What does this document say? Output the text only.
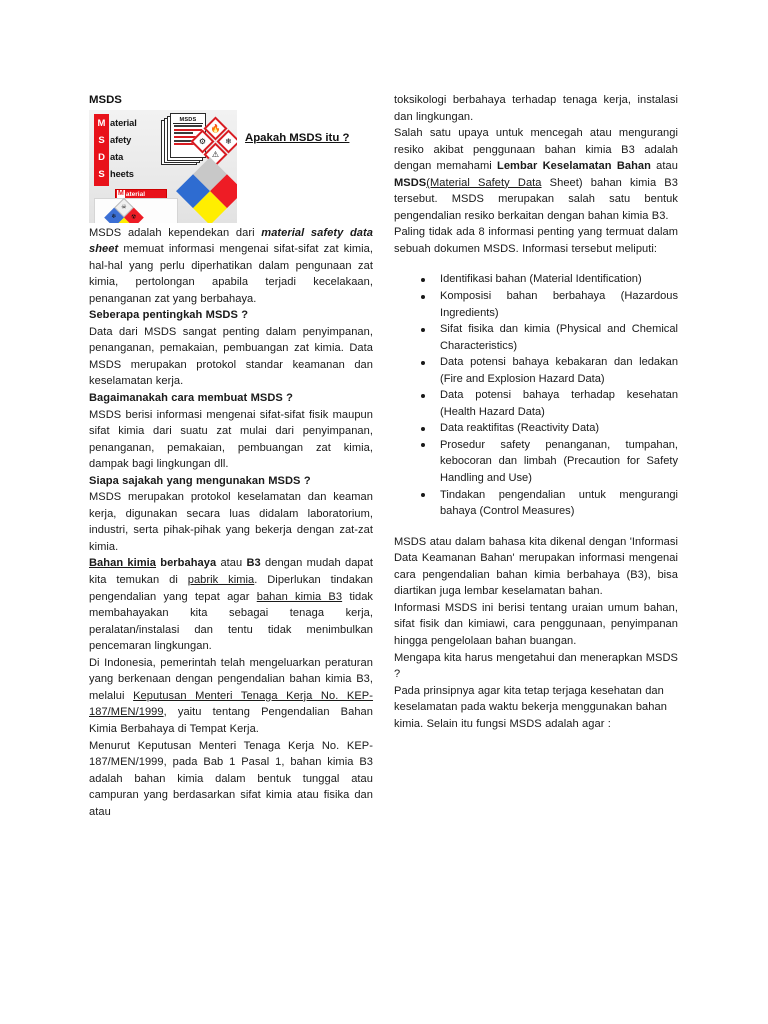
MSDS
M
S
D
S
aterial
afety
ata
heets
MSDS
🔥
⚙	❄
⚠
M aterial
☠
☢
❄
Apakah MSDS itu ?

MSDS adalah kependekan dari material safety data sheet memuat informasi mengenai sifat-sifat zat kimia, hal-hal yang perlu diperhatikan dalam pengunaan zat kimia, pertolongan apabila terjadi kecelakaan, penanganan zat yang berbahaya.

Seberapa pentingkah MSDS ?

Data dari MSDS sangat penting dalam penyimpanan, penanganan, pemakaian, pembuangan zat kimia. Data MSDS merupakan protokol standar keamanan dan keselamatan kerja.

Bagaimanakah cara membuat MSDS ?

MSDS berisi informasi mengenai sifat-sifat fisik maupun sifat kimia dari suatu zat mulai dari penyimpanan, penanganan, pemakaian, pembuangan zat kimia, dampak bagi lingkungan dll.

Siapa sajakah yang mengunakan MSDS ?

MSDS merupakan protokol keselamatan dan keaman kerja, digunakan secara luas didalam laboratorium, industri, serta pihak-pihak yang bekerja dengan zat-zat kimia.

Bahan kimia berbahaya atau B3 dengan mudah dapat kita temukan di pabrik kimia. Diperlukan tindakan pengendalian yang tepat agar bahan kimia B3 tidak membahayakan kita sebagai tenaga kerja, peralatan/instalasi dan tentu tidak menimbulkan pencemaran lingkungan.

Di Indonesia, pemerintah telah mengeluarkan peraturan yang berkenaan dengan pengendalian bahan kimia B3, melalui Keputusan Menteri Tenaga Kerja No. KEP-187/MEN/1999, yaitu tentang Pengendalian Bahan Kimia Berbahaya di Tempat Kerja.

Menurut Keputusan Menteri Tenaga Kerja No. KEP-187/MEN/1999, pada Bab 1 Pasal 1, bahan kimia B3 adalah bahan kimia dalam bentuk tunggal atau campuran yang berdasarkan sifat kimia atau fisika dan atau

toksikologi berbahaya terhadap tenaga kerja, instalasi dan lingkungan.

Salah satu upaya untuk mencegah atau mengurangi resiko akibat penggunaan bahan kimia B3 adalah dengan memahami Lembar Keselamatan Bahan atau MSDS(Material Safety Data Sheet) bahan kimia B3 tersebut. MSDS merupakan salah satu bentuk pengendalian resiko berkaitan dengan bahan kimia B3.

Paling tidak ada 8 informasi penting yang termuat dalam sebuah dokumen MSDS. Informasi tersebut meliputi:

Identifikasi bahan (Material Identification)
Komposisi bahan berbahaya (Hazardous Ingredients)
Sifat fisika dan kimia (Physical and Chemical Characteristics)
Data potensi bahaya kebakaran dan ledakan (Fire and Explosion Hazard Data)
Data potensi bahaya terhadap kesehatan (Health Hazard Data)
Data reaktifitas (Reactivity Data)
Prosedur safety penanganan, tumpahan, kebocoran dan limbah (Precaution for Safety Handling and Use)
Tindakan pengendalian untuk mengurangi bahaya (Control Measures)

MSDS atau dalam bahasa kita dikenal dengan 'Informasi Data Keamanan Bahan' merupakan informasi mengenai cara pengendalian bahan kimia berbahaya (B3), bisa diartikan juga lembar keselamatan bahan.

Informasi MSDS ini berisi tentang uraian umum bahan, sifat fisik dan kimiawi, cara penggunaan, penyimpanan hingga pengelolaan bahan buangan.

Mengapa kita harus mengetahui dan menerapkan MSDS ?

Pada prinsipnya agar kita tetap terjaga kesehatan dan keselamatan pada waktu bekerja menggunakan bahan kimia. Selain itu fungsi MSDS adalah agar :
